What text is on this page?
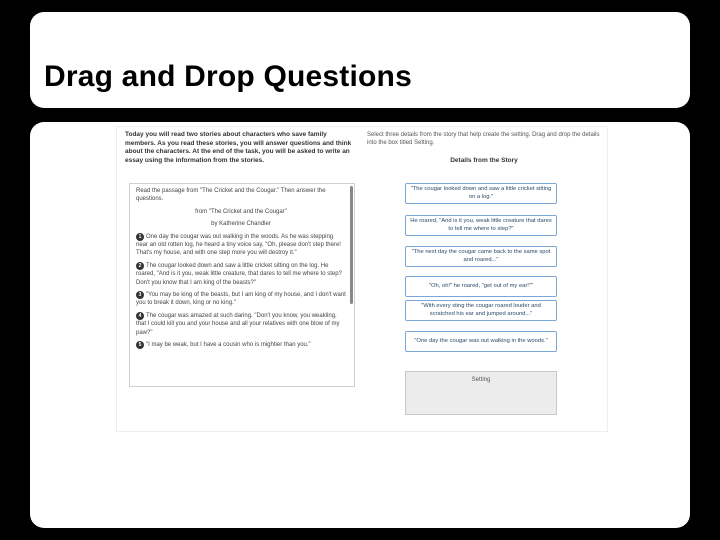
Drag and Drop Questions
Today you will read two stories about characters who save family members. As you read these stories, you will answer questions and think about the characters. At the end of the task, you will be asked to write an essay using the information from the stories.
Read the passage from "The Cricket and the Cougar." Then answer the questions.
from "The Cricket and the Cougar"
by Katherine Chandler
1 One day the cougar was out walking in the woods. As he was stepping near an old rotten log, he heard a tiny voice say, "Oh, please don't step there! That's my house, and with one step more you will destroy it."
2 The cougar looked down and saw a little cricket sitting on the log. He roared, "And is it you, weak little creature, that dares to tell me where to step? Don't you know that I am king of the beasts?"
3 "You may be king of the beasts, but I am king of my house, and I don't want you to break it down, king or no king."
4 The cougar was amazed at such daring. "Don't you know, you weakling, that I could kill you and your house and all your relatives with one blow of my paw?"
5 "I may be weak, but I have a cousin who is mightier than you."
Select three details from the story that help create the setting. Drag and drop the details into the box titled Setting.
Details from the Story
"The cougar looked down and saw a little cricket sitting on a log."
He roared, "And is it you, weak little creature that dares to tell me where to step?"
"The next day the cougar came back to the same spot and roared..."
"Oh, oh!" he roared, "get out of my ear!""
"With every sting the cougar roared louder and scratched his ear and jumped around..."
"One day the cougar was out walking in the woods."
Setting
